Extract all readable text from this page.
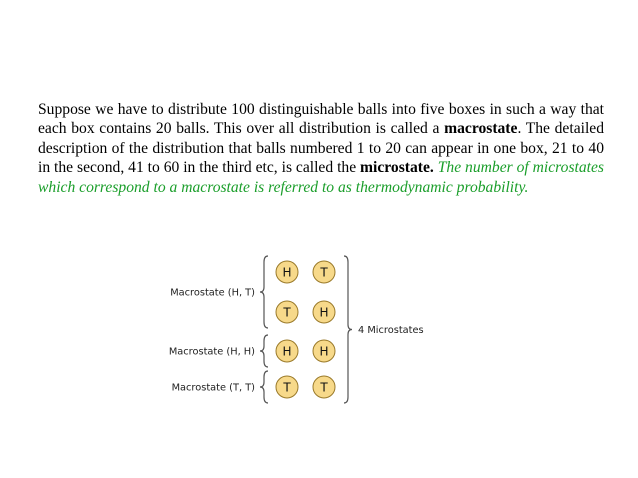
Suppose we have to distribute 100 distinguishable balls into five boxes in such a way that each box contains 20 balls. This over all distribution is called a macrostate. The detailed description of the distribution that balls numbered 1 to 20 can appear in one box, 21 to 40 in the second, 41 to 60 in the third etc, is called the microstate. The number of microstates which correspond to a macrostate is referred to as thermodynamic probability.
Macrostate (H, T)
H T
T H
Macrostate (H, H) H H
Macrostate (T, T) T T
4 Microstates
